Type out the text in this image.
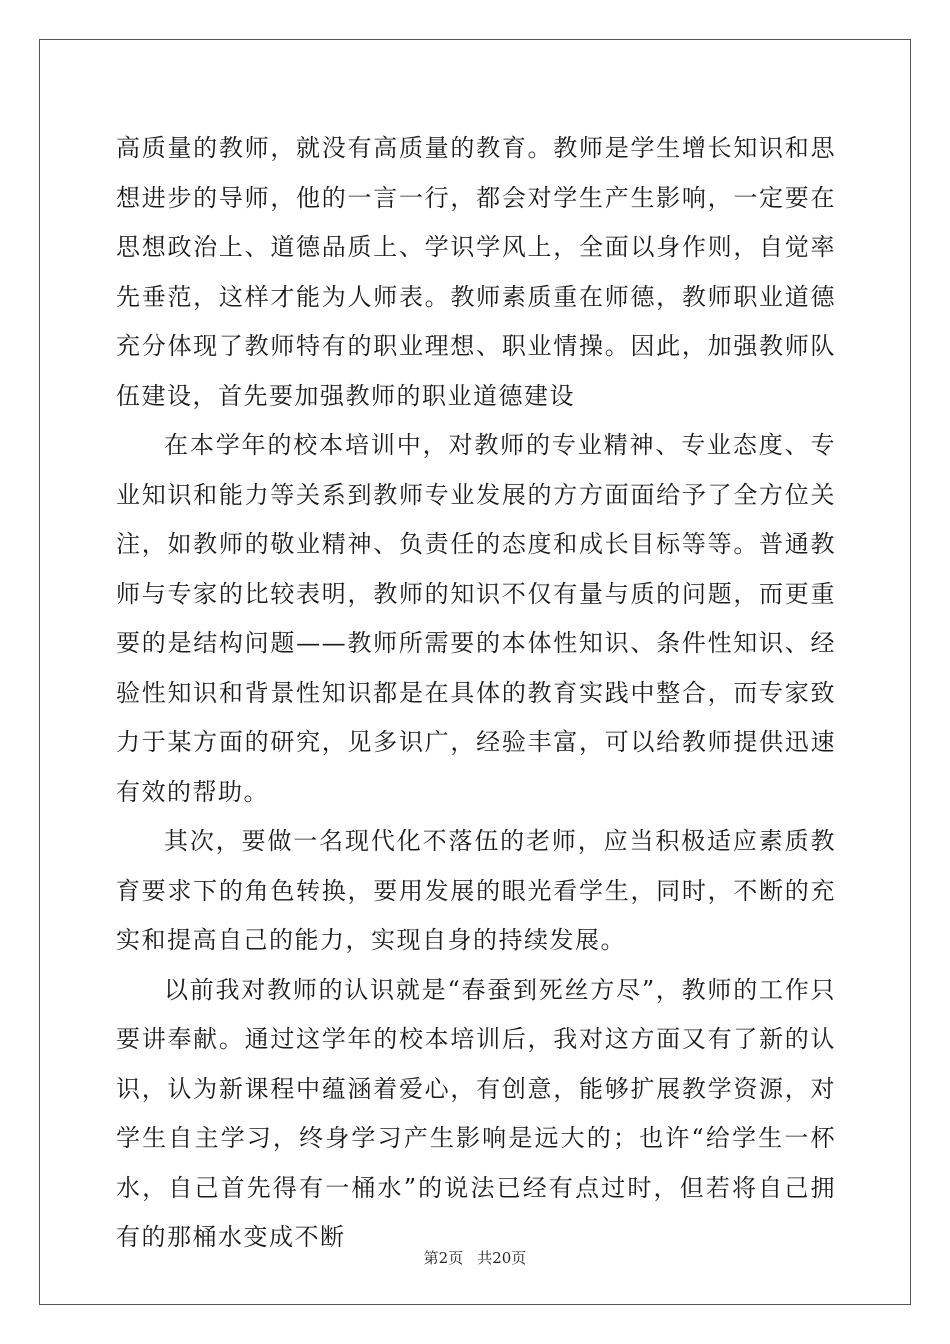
高质量的教师，就没有高质量的教育。教师是学生增长知识和思想进步的导师，他的一言一行，都会对学生产生影响，一定要在思想政治上、道德品质上、学识学风上，全面以身作则，自觉率先垂范，这样才能为人师表。教师素质重在师德，教师职业道德充分体现了教师特有的职业理想、职业情操。因此，加强教师队伍建设，首先要加强教师的职业道德建设

在本学年的校本培训中，对教师的专业精神、专业态度、专业知识和能力等关系到教师专业发展的方方面面给予了全方位关注，如教师的敬业精神、负责任的态度和成长目标等等。普通教师与专家的比较表明，教师的知识不仅有量与质的问题，而更重要的是结构问题——教师所需要的本体性知识、条件性知识、经验性知识和背景性知识都是在具体的教育实践中整合，而专家致力于某方面的研究，见多识广，经验丰富，可以给教师提供迅速有效的帮助。

其次，要做一名现代化不落伍的老师，应当积极适应素质教育要求下的角色转换，要用发展的眼光看学生，同时，不断的充实和提高自己的能力，实现自身的持续发展。

以前我对教师的认识就是“春蚕到死丝方尽”，教师的工作只要讲奉献。通过这学年的校本培训后，我对这方面又有了新的认识，认为新课程中蕴涵着爱心，有创意，能够扩展教学资源，对学生自主学习，终身学习产生影响是远大的；也许“给学生一杯水，自己首先得有一桶水”的说法已经有点过时，但若将自己拥有的那桶水变成不断

第2页 共20页
